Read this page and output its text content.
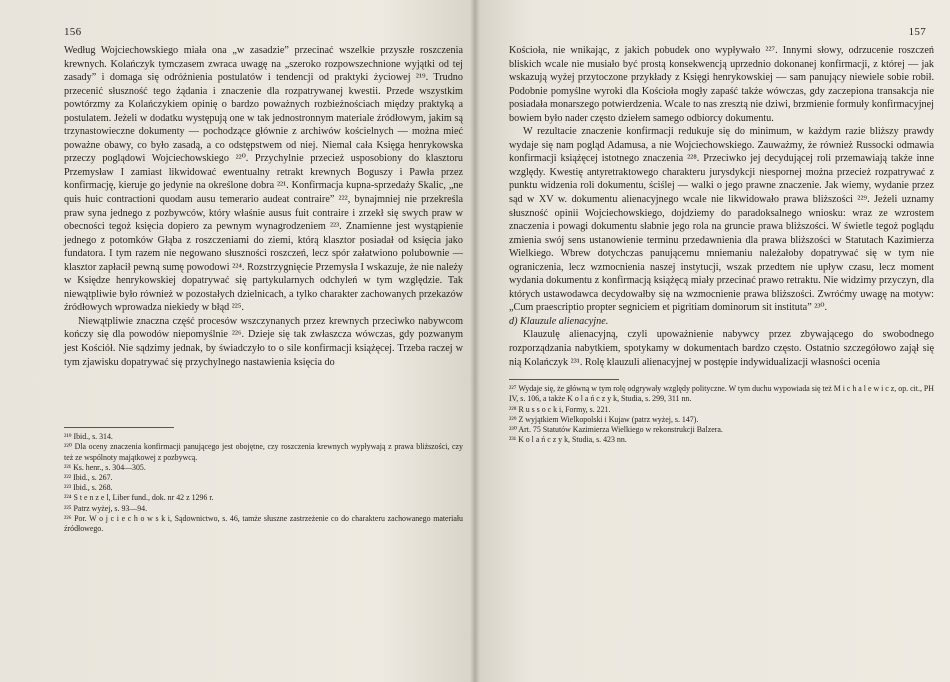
156

Według Wojciechowskiego miała ona „w zasadzie” przecinać wszelkie przyszłe roszczenia krewnych. Kolańczyk tymczasem zwraca uwagę na „szeroko rozpowszechnione wyjątki od tej zasady” i domaga się odróżnienia postulatów i tendencji od praktyki życiowej ²¹⁹. Trudno przecenić słuszność tego żądania i znaczenie dla rozpatrywanej kwestii. Przede wszystkim powtórzmy za Kolańczykiem opinię o bardzo poważnych rozbieżnościach między praktyką a postulatem. Jeżeli w dodatku występują one w tak jednostronnym materiale źródłowym, jakim są trzynastowieczne dokumenty — pochodzące głównie z archiwów kościelnych — można mieć poważne obawy, co było zasadą, a co odstępstwem od niej. Niemal cała Księga henrykowska przeczy poglądowi Wojciechowskiego ²²⁰. Przychylnie przecież usposobiony do klasztoru Przemysław I zamiast likwidować ewentualny retrakt krewnych Boguszy i Pawła przez konfirmację, kieruje go jedynie na określone dobra ²²¹. Konfirmacja kupna-sprzedaży Skalic, „ne quis huic contractioni quodam ausu temerario audeat contraire” ²²², bynajmniej nie przekreśla praw syna jednego z pozbywców, który właśnie ausus fuit contraire i zrzekł się swych praw w obecności tegoż księcia dopiero za pewnym wynagrodzeniem ²²³. Znamienne jest wystąpienie jednego z potomków Głąba z roszczeniami do ziemi, którą klasztor posiadał od księcia jako fundatora. I tym razem nie negowano słuszności roszczeń, lecz spór załatwiono polubownie — klasztor zapłacił pewną sumę powodowi ²²⁴. Rozstrzygnięcie Przemysła I wskazuje, że nie należy w Księdze henrykowskiej dopatrywać się partykularnych odchyleń w tym względzie. Tak niewątpliwie było również w pozostałych dzielnicach, a tylko charakter zachowanych przekazów źródłowych wprowadza niekiedy w błąd ²²⁵.

Niewątpliwie znaczna część procesów wszczynanych przez krewnych przeciwko nabywcom kończy się dla powodów niepomyślnie ²²⁶. Dzieje się tak zwłaszcza wówczas, gdy pozwanym jest Kościół. Nie sądzimy jednak, by świadczyło to o sile konfirmacji książęcej. Trzeba raczej w tym zjawisku dopatrywać się przychylnego nastawienia księcia do

²¹⁹ Ibid., s. 314.

²²⁰ Dla oceny znaczenia konfirmacji panującego jest obojętne, czy roszczenia krewnych wypływają z prawa bliższości, czy też ze wspólnoty majątkowej z pozbywcą.

²²¹ Ks. henr., s. 304—305.

²²² Ibid., s. 267.

²²³ Ibid., s. 268.

²²⁴ S t e n z e l, Liber fund., dok. nr 42 z 1296 r.

²²⁵ Patrz wyżej, s. 93—94.

²²⁶ Por. W o j c i e c h o w s k i, Sądownictwo, s. 46, tamże słuszne zastrzeżenie co do charakteru zachowanego materiału źródłowego.

157

Kościoła, nie wnikając, z jakich pobudek ono wypływało ²²⁷. Innymi słowy, odrzucenie roszczeń bliskich wcale nie musiało być prostą konsekwencją uprzednio dokonanej konfirmacji, z której — jak wskazują wyżej przytoczone przykłady z Księgi henrykowskiej — sam panujący niewiele sobie robił. Podobnie pomyślne wyroki dla Kościoła mogły zapaść także wówczas, gdy zaczepiona transakcja nie posiadała monarszego potwierdzenia. Wcale to nas zresztą nie dziwi, brzmienie formuły konfirmacyjnej bowiem było nader często dziełem samego odbiorcy dokumentu.

W rezultacie znaczenie konfirmacji redukuje się do minimum, w każdym razie bliższy prawdy wydaje się nam pogląd Adamusa, a nie Wojciechowskiego. Zauważmy, że również Russocki odmawia konfirmacji książęcej istotnego znaczenia ²²⁸. Przeciwko jej decydującej roli przemawiają także inne względy. Kwestię antyretraktowego charakteru jurysdykcji niespornej można przecież rozpatrywać z punktu widzenia roli dokumentu, ściślej — walki o jego prawne znaczenie. Jak wiemy, wydanie przez sąd w XV w. dokumentu alienacyjnego wcale nie likwidowało prawa bliższości ²²⁹. Jeżeli uznamy słuszność opinii Wojciechowskiego, dojdziemy do paradoksalnego wniosku: wraz ze wzrostem znaczenia i powagi dokumentu słabnie jego rola na gruncie prawa bliższości. W świetle tegoż poglądu zmienia swój sens ustanowienie terminu przedawnienia dla prawa bliższości w Statutach Kazimierza Wielkiego. Wbrew dotychczas panującemu mniemaniu należałoby dopatrywać się w tym nie ograniczenia, lecz wzmocnienia naszej instytucji, wszak przedtem nie upływ czasu, lecz moment wydania dokumentu z konfirmacją książęcą miały przecinać prawo retraktu. Nie widzimy przyczyn, dla których ustawodawca decydowałby się na wzmocnienie prawa bliższości. Zwróćmy uwagę na motyw: „Cum praescriptio propter segniciem et pigritiam dominorum sit instituta” ²³⁰.

d) Klauzule alienacyjne.

Klauzulę alienacyjną, czyli upoważnienie nabywcy przez zbywającego do swobodnego rozporządzania nabytkiem, spotykamy w dokumentach bardzo często. Ostatnio szczegółowo zajął się nią Kolańczyk ²³¹. Rolę klauzuli alienacyjnej w postępie indywidualizacji własności ocenia

²²⁷ Wydaje się, że główną w tym rolę odgrywały względy polityczne. W tym duchu wypowiada się też M i c h a l e w i c z, op. cit., PH IV, s. 106, a także K o l a ń c z y k, Studia, s. 299, 311 nn.

²²⁸ R u s s o c k i, Formy, s. 221.

²²⁹ Z wyjątkiem Wielkopolski i Kujaw (patrz wyżej, s. 147).

²³⁰ Art. 75 Statutów Kazimierza Wielkiego w rekonstrukcji Balzera.

²³¹ K o l a ń c z y k, Studia, s. 423 nn.
